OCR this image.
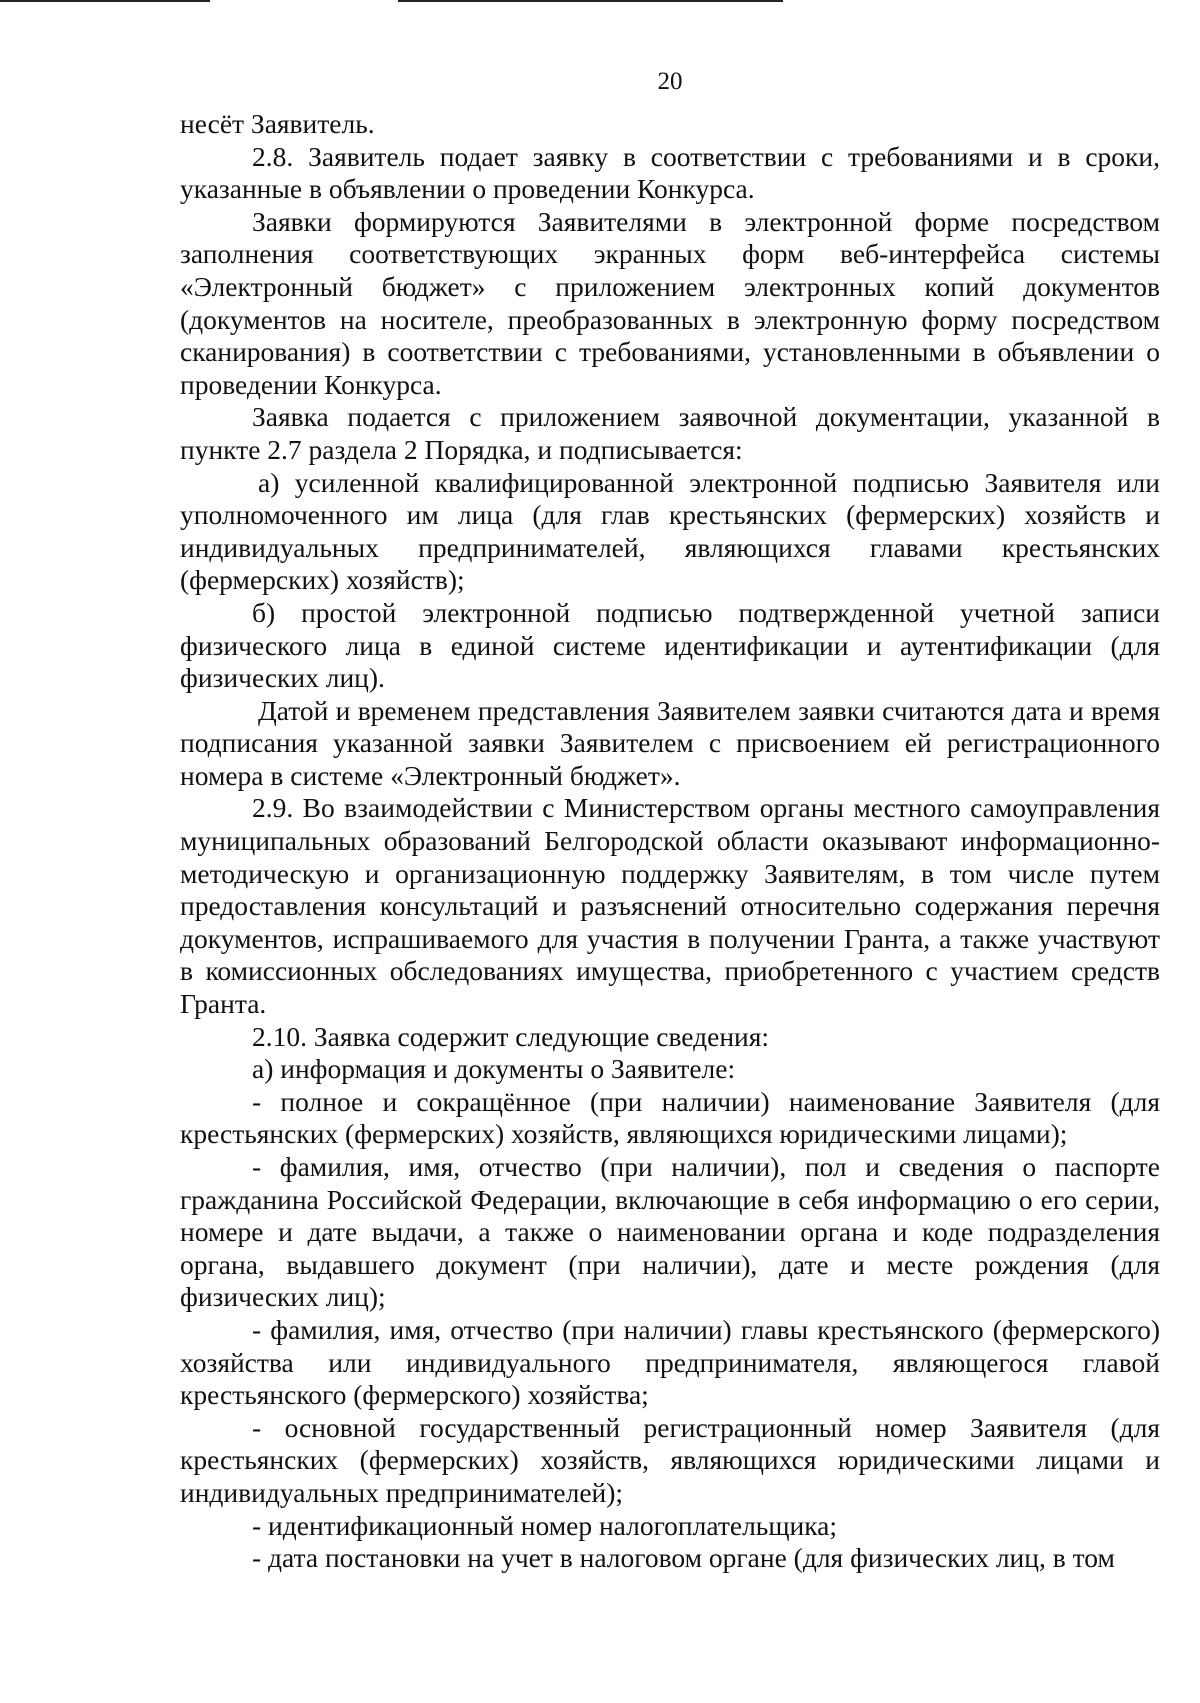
20

несёт Заявитель.

2.8. Заявитель подает заявку в соответствии с требованиями и в сроки, указанные в объявлении о проведении Конкурса.

Заявки формируются Заявителями в электронной форме посредством заполнения соответствующих экранных форм веб-интерфейса системы «Электронный бюджет» с приложением электронных копий документов (документов на носителе, преобразованных в электронную форму посредством сканирования) в соответствии с требованиями, установленными в объявлении о проведении Конкурса.

Заявка подается с приложением заявочной документации, указанной в пункте 2.7 раздела 2 Порядка, и подписывается:

а) усиленной квалифицированной электронной подписью Заявителя или уполномоченного им лица (для глав крестьянских (фермерских) хозяйств и индивидуальных предпринимателей, являющихся главами крестьянских (фермерских) хозяйств);

б) простой электронной подписью подтвержденной учетной записи физического лица в единой системе идентификации и аутентификации (для физических лиц).

Датой и временем представления Заявителем заявки считаются дата и время подписания указанной заявки Заявителем с присвоением ей регистрационного номера в системе «Электронный бюджет».

2.9. Во взаимодействии с Министерством органы местного самоуправления муниципальных образований Белгородской области оказывают информационно-методическую и организационную поддержку Заявителям, в том числе путем предоставления консультаций и разъяснений относительно содержания перечня документов, испрашиваемого для участия в получении Гранта, а также участвуют в комиссионных обследованиях имущества, приобретенного с участием средств Гранта.

2.10. Заявка содержит следующие сведения:

а) информация и документы о Заявителе:

- полное и сокращённое (при наличии) наименование Заявителя (для крестьянских (фермерских) хозяйств, являющихся юридическими лицами);

- фамилия, имя, отчество (при наличии), пол и сведения о паспорте гражданина Российской Федерации, включающие в себя информацию о его серии, номере и дате выдачи, а также о наименовании органа и коде подразделения органа, выдавшего документ (при наличии), дате и месте рождения (для физических лиц);

- фамилия, имя, отчество (при наличии) главы крестьянского (фермерского) хозяйства или индивидуального предпринимателя, являющегося главой крестьянского (фермерского) хозяйства;

- основной государственный регистрационный номер Заявителя (для крестьянских (фермерских) хозяйств, являющихся юридическими лицами и индивидуальных предпринимателей);

- идентификационный номер налогоплательщика;

- дата постановки на учет в налоговом органе (для физических лиц, в том
